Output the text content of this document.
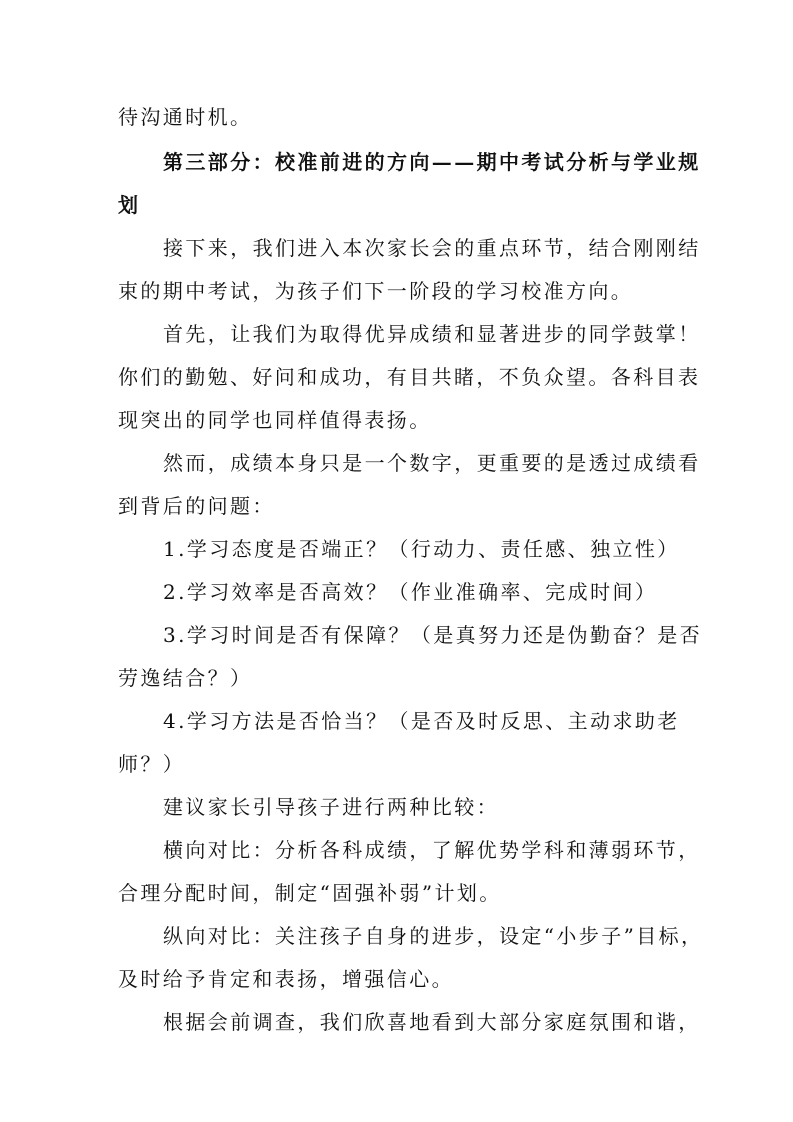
待沟通时机。

第三部分：校准前进的方向——期中考试分析与学业规

划

接下来，我们进入本次家长会的重点环节，结合刚刚结

束的期中考试，为孩子们下一阶段的学习校准方向。

首先，让我们为取得优异成绩和显著进步的同学鼓掌！

你们的勤勉、好问和成功，有目共睹，不负众望。各科目表

现突出的同学也同样值得表扬。

然而，成绩本身只是一个数字，更重要的是透过成绩看

到背后的问题：

1.学习态度是否端正？（行动力、责任感、独立性）

2.学习效率是否高效？（作业准确率、完成时间）

3.学习时间是否有保障？（是真努力还是伪勤奋？是否

劳逸结合？）

4.学习方法是否恰当？（是否及时反思、主动求助老

师？）

建议家长引导孩子进行两种比较：

横向对比：分析各科成绩，了解优势学科和薄弱环节，

合理分配时间，制定“固强补弱”计划。

纵向对比：关注孩子自身的进步，设定“小步子”目标，

及时给予肯定和表扬，增强信心。

根据会前调查，我们欣喜地看到大部分家庭氛围和谐，
